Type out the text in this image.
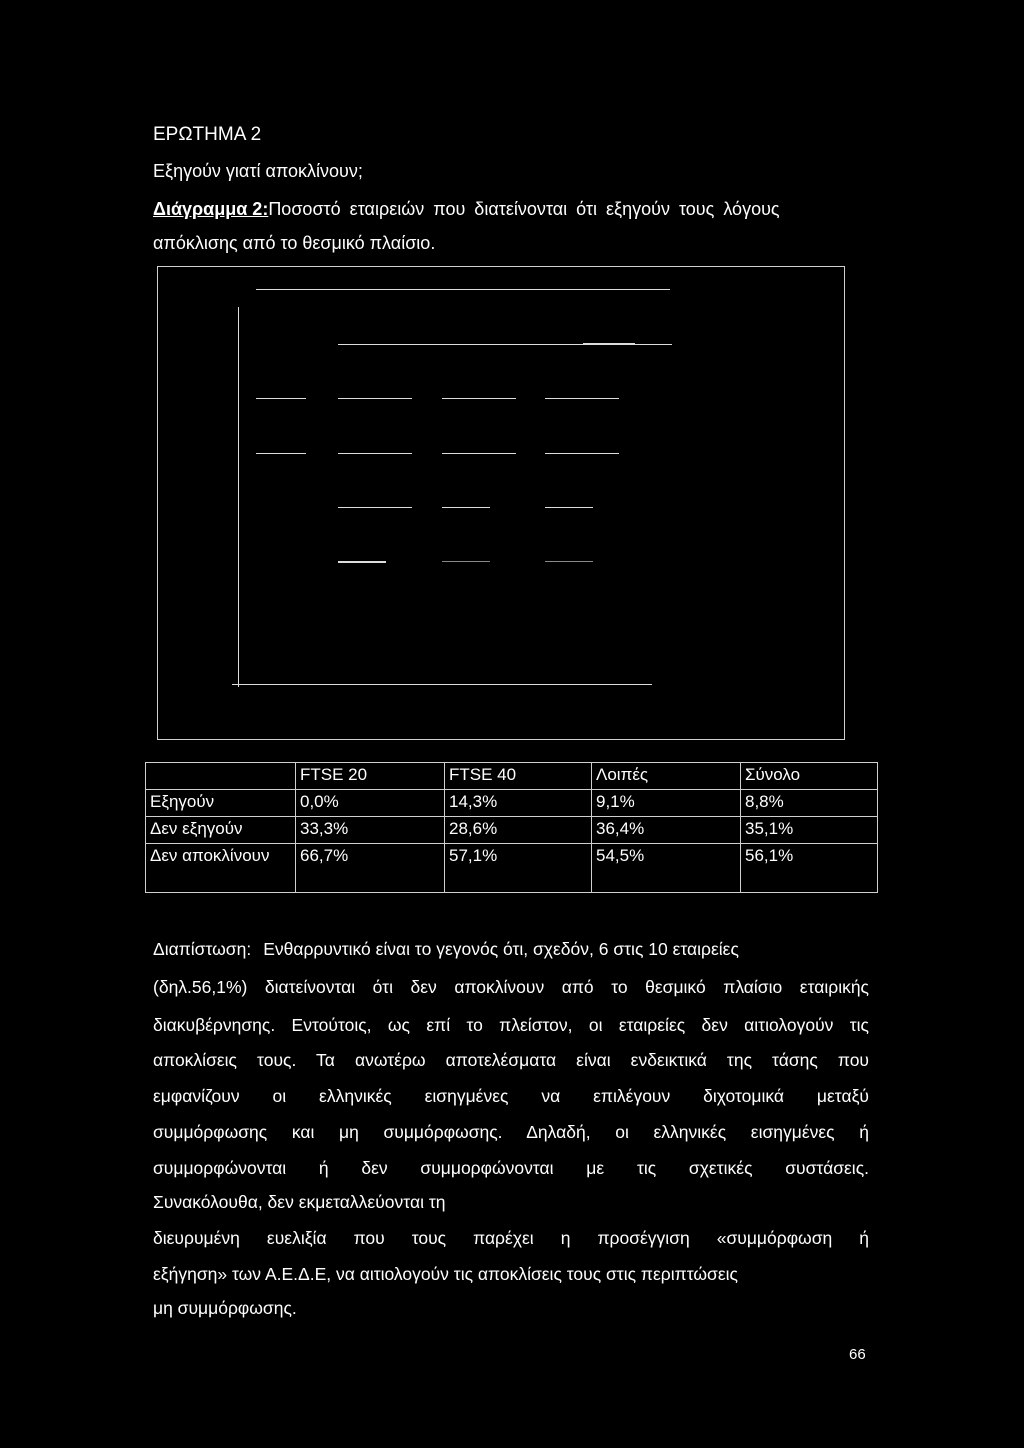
ΕΡΩΤΗΜΑ 2
Εξηγούν γιατί αποκλίνουν;
Διάγραμμα 2:Ποσοστό εταιρειών που διατείνονται ότι εξηγούν τους λόγους
απόκλισης από το θεσμικό πλαίσιο.
	FTSE 20	FTSE 40	Λοιπές	Σύνολο
Εξηγούν	0,0%	14,3%	9,1%	8,8%
Δεν εξηγούν	33,3%	28,6%	36,4%	35,1%
Δεν αποκλίνουν	66,7%	57,1%	54,5%	56,1%
Διαπίστωση: Ενθαρρυντικό είναι το γεγονός ότι, σχεδόν, 6 στις 10 εταιρείες
(δηλ.56,1%) διατείνονται ότι δεν αποκλίνουν από το θεσμικό πλαίσιο εταιρικής
διακυβέρνησης. Εντούτοις, ως επί το πλείστον, οι εταιρείες δεν αιτιολογούν τις
αποκλίσεις τους. Τα ανωτέρω αποτελέσματα είναι ενδεικτικά της τάσης που
εμφανίζουν οι ελληνικές εισηγμένες να επιλέγουν διχοτομικά μεταξύ
συμμόρφωσης και μη συμμόρφωσης. Δηλαδή, οι ελληνικές εισηγμένες ή
συμμορφώνονται ή δεν συμμορφώνονται με τις σχετικές συστάσεις.
Συνακόλουθα, δεν εκμεταλλεύονται τη
διευρυμένη ευελιξία που τους παρέχει η προσέγγιση «συμμόρφωση ή
εξήγηση» των Α.Ε.Δ.Ε, να αιτιολογούν τις αποκλίσεις τους στις περιπτώσεις
μη συμμόρφωσης.
66
